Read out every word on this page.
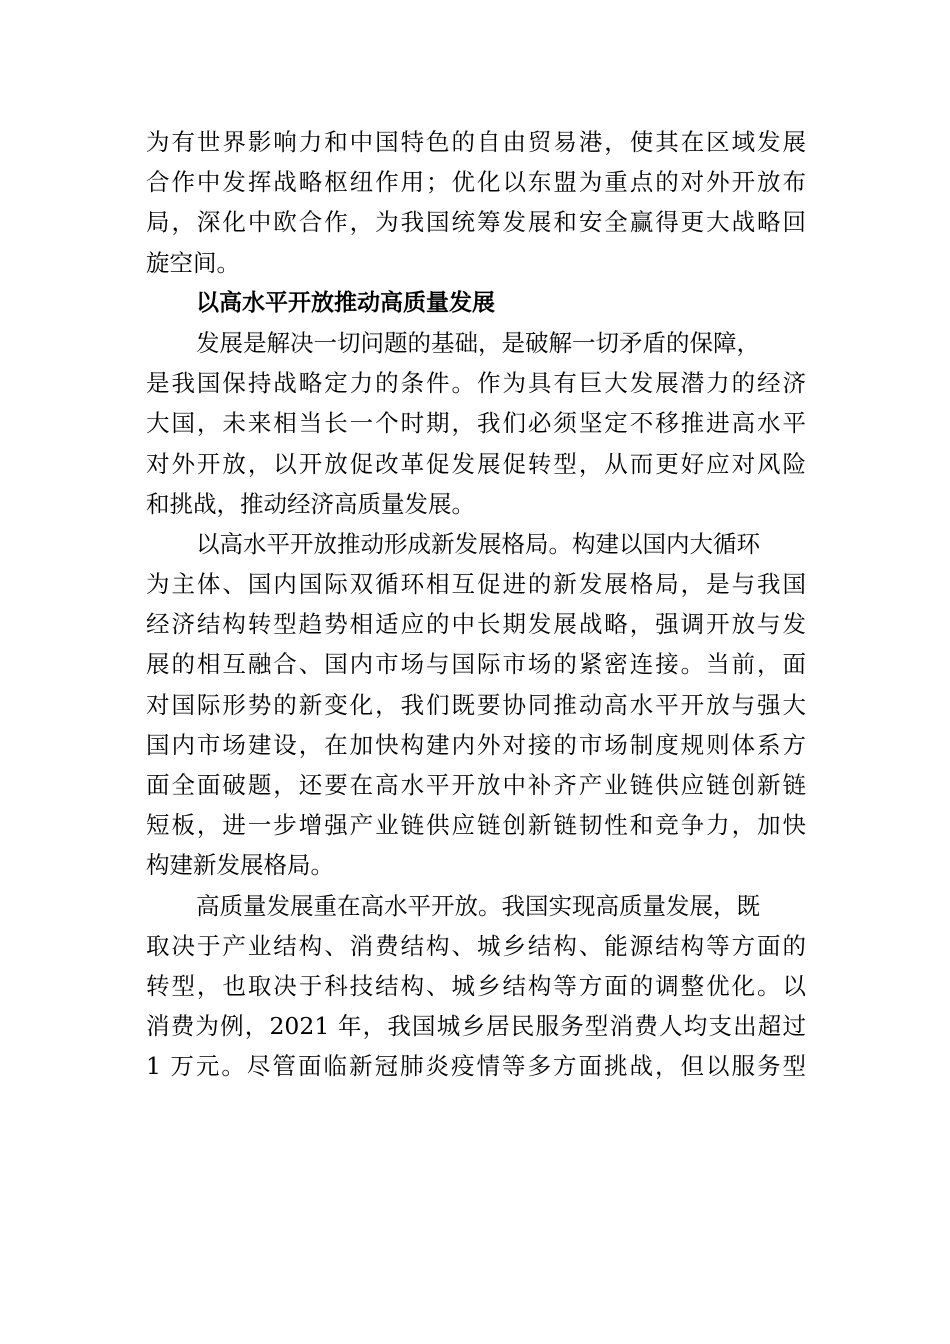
为有世界影响力和中国特色的自由贸易港，使其在区域发展
合作中发挥战略枢纽作用；优化以东盟为重点的对外开放布
局，深化中欧合作，为我国统筹发展和安全赢得更大战略回
旋空间。
以高水平开放推动高质量发展
发展是解决一切问题的基础，是破解一切矛盾的保障，
是我国保持战略定力的条件。作为具有巨大发展潜力的经济
大国，未来相当长一个时期，我们必须坚定不移推进高水平
对外开放，以开放促改革促发展促转型，从而更好应对风险
和挑战，推动经济高质量发展。
以高水平开放推动形成新发展格局。构建以国内大循环
为主体、国内国际双循环相互促进的新发展格局，是与我国
经济结构转型趋势相适应的中长期发展战略，强调开放与发
展的相互融合、国内市场与国际市场的紧密连接。当前，面
对国际形势的新变化，我们既要协同推动高水平开放与强大
国内市场建设，在加快构建内外对接的市场制度规则体系方
面全面破题，还要在高水平开放中补齐产业链供应链创新链
短板，进一步增强产业链供应链创新链韧性和竞争力，加快
构建新发展格局。
高质量发展重在高水平开放。我国实现高质量发展，既
取决于产业结构、消费结构、城乡结构、能源结构等方面的
转型，也取决于科技结构、城乡结构等方面的调整优化。以
消费为例，2021 年，我国城乡居民服务型消费人均支出超过
1 万元。尽管面临新冠肺炎疫情等多方面挑战，但以服务型
